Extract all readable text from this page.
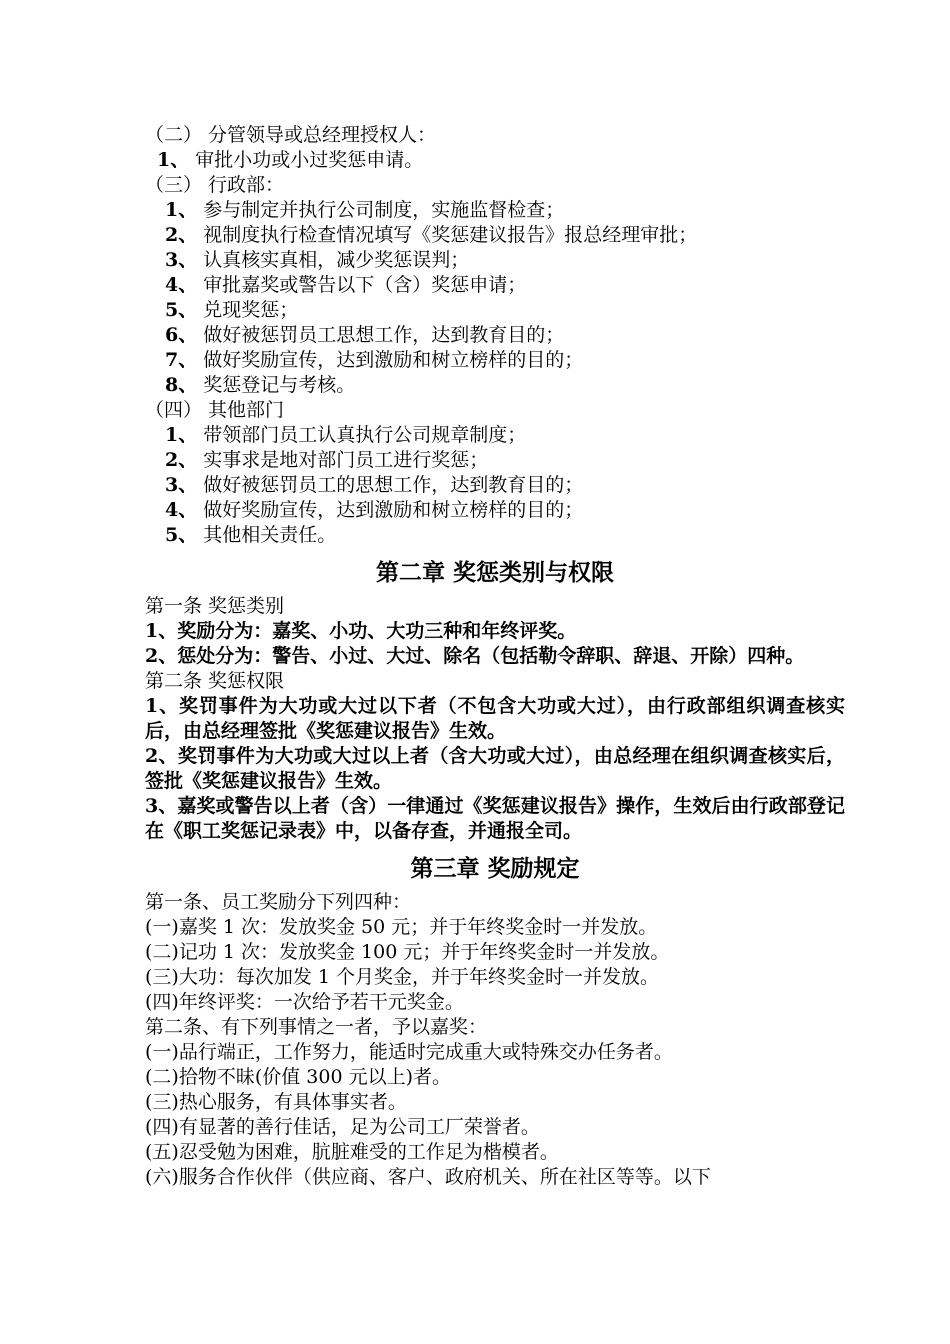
（二） 分管领导或总经理授权人：
1、 审批小功或小过奖惩申请。
（三） 行政部：
1、 参与制定并执行公司制度，实施监督检查；
2、 视制度执行检查情况填写《奖惩建议报告》报总经理审批；
3、 认真核实真相，减少奖惩误判；
4、 审批嘉奖或警告以下（含）奖惩申请；
5、 兑现奖惩；
6、 做好被惩罚员工思想工作，达到教育目的；
7、 做好奖励宣传，达到激励和树立榜样的目的；
8、 奖惩登记与考核。
（四） 其他部门
1、 带领部门员工认真执行公司规章制度；
2、 实事求是地对部门员工进行奖惩；
3、 做好被惩罚员工的思想工作，达到教育目的；
4、 做好奖励宣传，达到激励和树立榜样的目的；
5、 其他相关责任。
第二章 奖惩类别与权限
第一条 奖惩类别
1、奖励分为：嘉奖、小功、大功三种和年终评奖。
2、惩处分为：警告、小过、大过、除名（包括勒令辞职、辞退、开除）四种。
第二条 奖惩权限
1、奖罚事件为大功或大过以下者（不包含大功或大过），由行政部组织调查核实后，由总经理签批《奖惩建议报告》生效。
2、奖罚事件为大功或大过以上者（含大功或大过），由总经理在组织调查核实后，签批《奖惩建议报告》生效。
3、嘉奖或警告以上者（含）一律通过《奖惩建议报告》操作，生效后由行政部登记在《职工奖惩记录表》中，以备存查，并通报全司。
第三章 奖励规定
第一条、员工奖励分下列四种：
(一)嘉奖 1 次：发放奖金 50 元；并于年终奖金时一并发放。
(二)记功 1 次：发放奖金 100 元；并于年终奖金时一并发放。
(三)大功：每次加发 1 个月奖金，并于年终奖金时一并发放。
(四)年终评奖：一次给予若干元奖金。
第二条、有下列事情之一者，予以嘉奖：
(一)品行端正，工作努力，能适时完成重大或特殊交办任务者。
(二)拾物不昧(价值 300 元以上)者。
(三)热心服务，有具体事实者。
(四)有显著的善行佳话，足为公司工厂荣誉者。
(五)忍受勉为困难，肮脏难受的工作足为楷模者。
(六)服务合作伙伴（供应商、客户、政府机关、所在社区等等。以下
